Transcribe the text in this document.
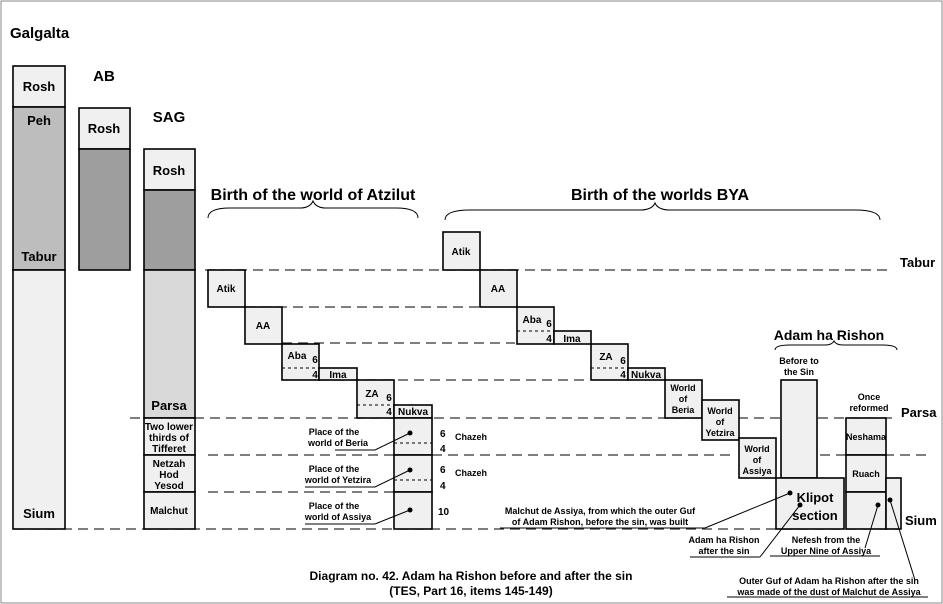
Galgalta
Rosh
Peh
Tabur
Sium
AB
Rosh
SAG
Rosh
Parsa
Two lower
thirds of
Tifferet
Netzah
Hod
Yesod
Malchut
Birth of the world of Atzilut	Birth of the worlds BYA
Adam ha Rishon
Tabur
Parsa
Sium
Atik
AA
Aba 6
4 Ima
ZA 6
4 Nukva
Place of the
world of Beria
Place of the
world of Yetzira
Place of the
world of Assiya
6
4
Chazeh
6
4
Chazeh
10
Atik
AA
Aba 6
4 Ima
ZA 6
4 Nukva
World
of
Beria World
of
Yetzira
World
of
Assiya
Before to
the Sin
Once
reformed
Neshama
Ruach
Klipot
section
Malchut de Assiya, from which the outer Guf
of Adam Rishon, before the sin, was built
Adam ha Rishon
after the sin
Nefesh from the
Upper Nine of Assiya
Outer Guf of Adam ha Rishon after the sin
was made of the dust of Malchut de Assiya
Diagram no. 42. Adam ha Rishon before and after the sin
(TES, Part 16, items 145-149)
